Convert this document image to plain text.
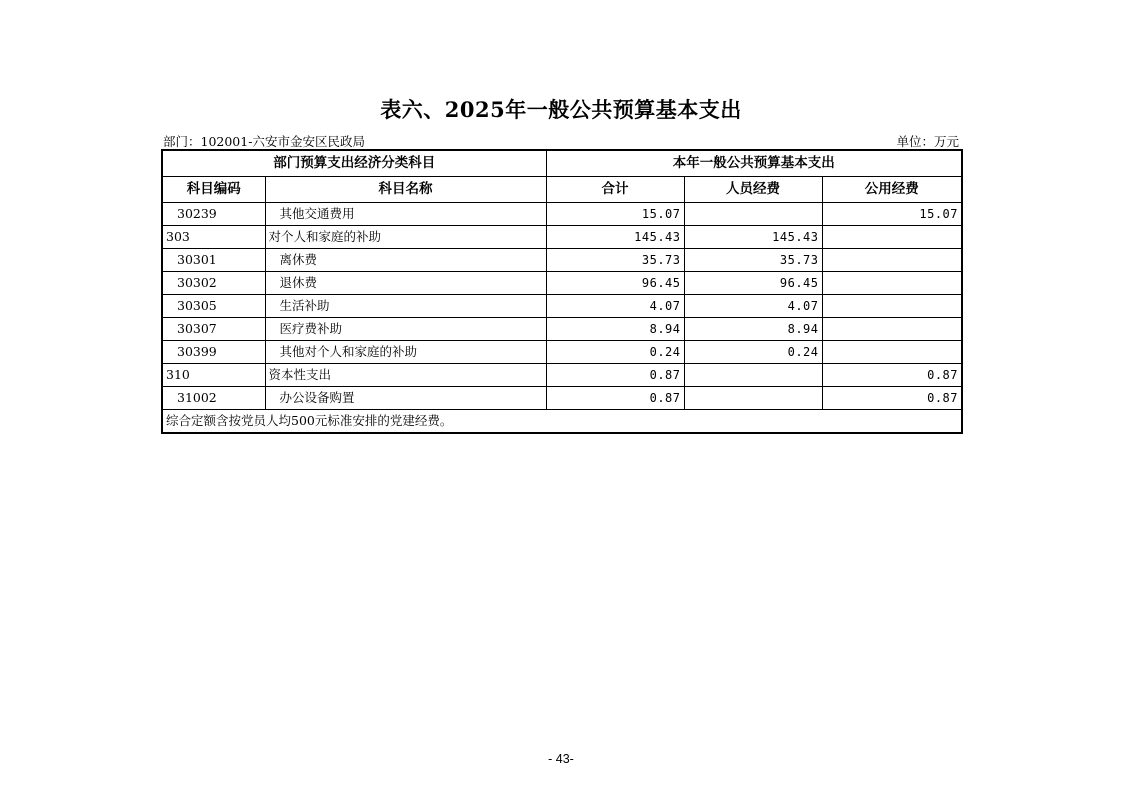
表六、2025年一般公共预算基本支出
部门：102001-六安市金安区民政局	单位：万元
部门预算支出经济分类科目		本年一般公共预算基本支出		
科目编码	科目名称	合计	人员经费	公用经费
30239	其他交通费用	15.07		15.07
303	对个人和家庭的补助	145.43	145.43	
30301	离休费	35.73	35.73	
30302	退休费	96.45	96.45	
30305	生活补助	4.07	4.07	
30307	医疗费补助	8.94	8.94	
30399	其他对个人和家庭的补助	0.24	0.24	
310	资本性支出	0.87		0.87
31002	办公设备购置	0.87		0.87
综合定额含按党员人均500元标准安排的党建经费。				
- 43-
